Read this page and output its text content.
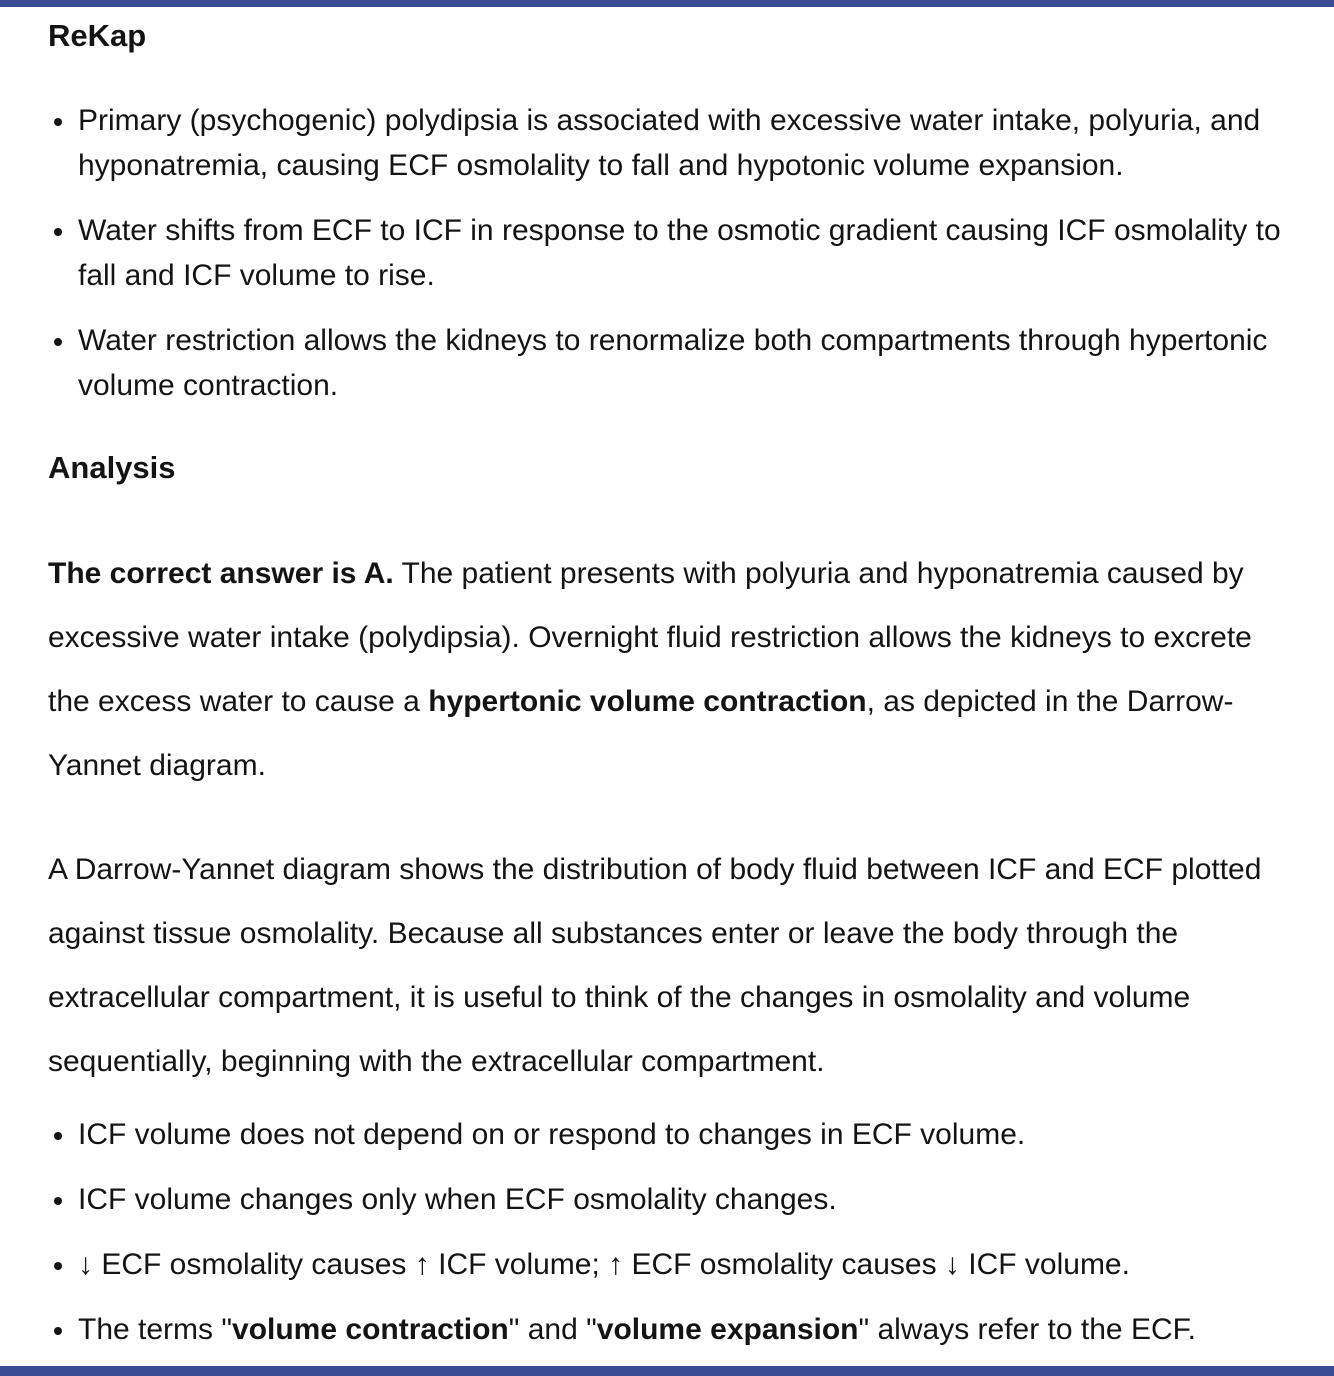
ReKap
Primary (psychogenic) polydipsia is associated with excessive water intake, polyuria, and hyponatremia, causing ECF osmolality to fall and hypotonic volume expansion.
Water shifts from ECF to ICF in response to the osmotic gradient causing ICF osmolality to fall and ICF volume to rise.
Water restriction allows the kidneys to renormalize both compartments through hypertonic volume contraction.
Analysis

The correct answer is A. The patient presents with polyuria and hyponatremia caused by excessive water intake (polydipsia). Overnight fluid restriction allows the kidneys to excrete the excess water to cause a hypertonic volume contraction, as depicted in the Darrow-Yannet diagram.

A Darrow-Yannet diagram shows the distribution of body fluid between ICF and ECF plotted against tissue osmolality. Because all substances enter or leave the body through the extracellular compartment, it is useful to think of the changes in osmolality and volume sequentially, beginning with the extracellular compartment.

ICF volume does not depend on or respond to changes in ECF volume.
ICF volume changes only when ECF osmolality changes.
↓ ECF osmolality causes ↑ ICF volume; ↑ ECF osmolality causes ↓ ICF volume.
The terms "volume contraction" and "volume expansion" always refer to the ECF.
